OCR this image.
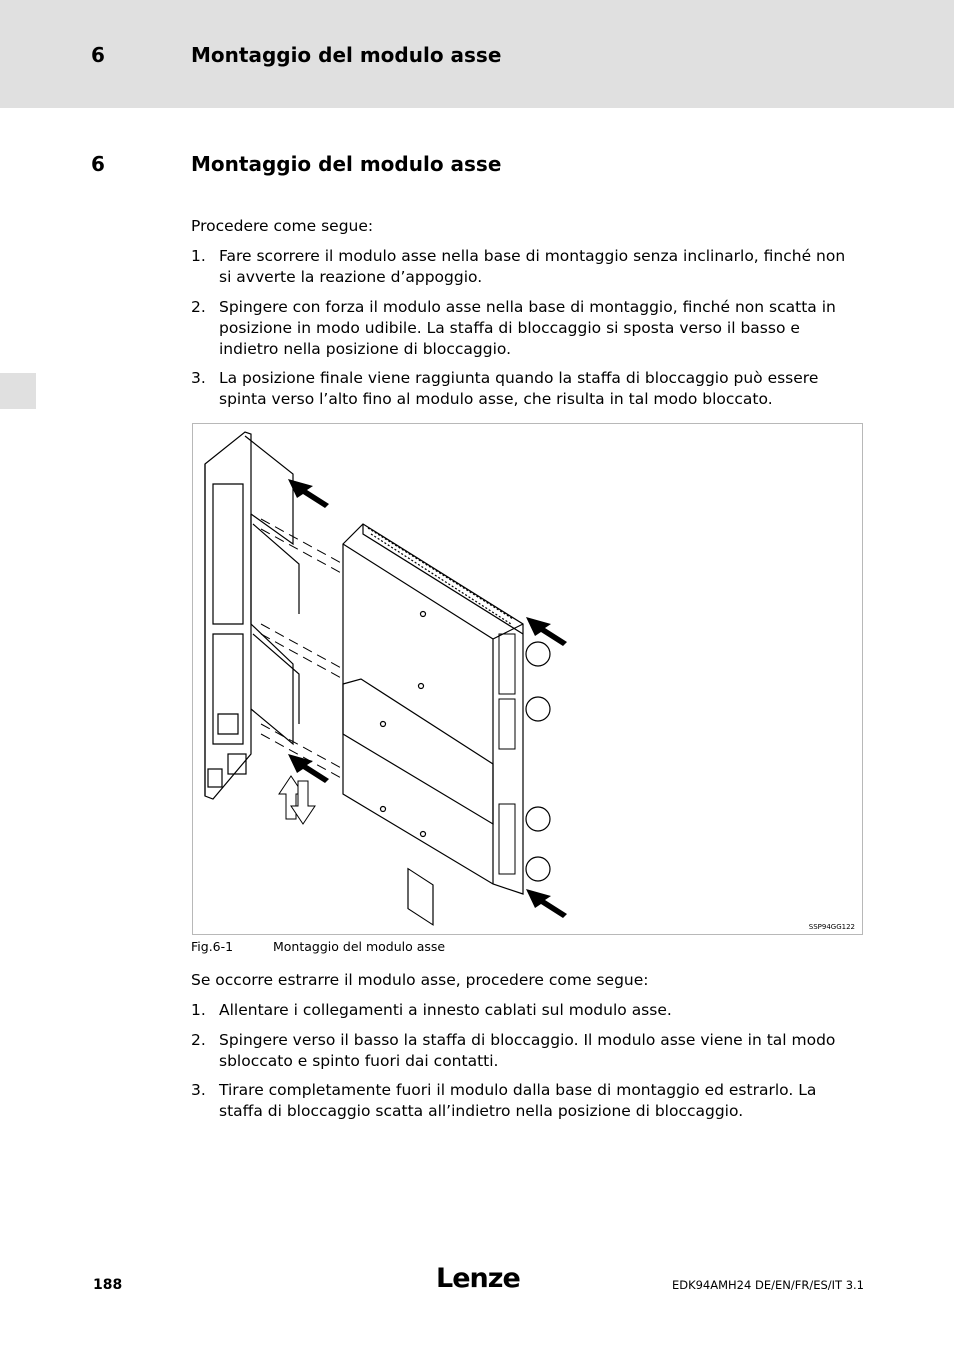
6	Montaggio del modulo asse
6	Montaggio del modulo asse

Procedere come segue:

1. Fare scorrere il modulo asse nella base di montaggio senza inclinarlo, finché non si avverte la reazione d’appoggio.
2. Spingere con forza il modulo asse nella base di montaggio, finché non scatta in posizione in modo udibile. La staffa di bloccaggio si sposta verso il basso e indietro nella posizione di bloccaggio.
3. La posizione finale viene raggiunta quando la staffa di bloccaggio può essere spinta verso l’alto fino al modulo asse, che risulta in tal modo bloccato.
SSP94GG122
Fig.6-1	Montaggio del modulo asse

Se occorre estrarre il modulo asse, procedere come segue:

1. Allentare i collegamenti a innesto cablati sul modulo asse.
2. Spingere verso il basso la staffa di bloccaggio. Il modulo asse viene in tal modo sbloccato e spinto fuori dai contatti.
3. Tirare completamente fuori il modulo dalla base di montaggio ed estrarlo. La staffa di bloccaggio scatta all’indietro nella posizione di bloccaggio.
188	Lenze	EDK94AMH24 DE/EN/FR/ES/IT 3.1
